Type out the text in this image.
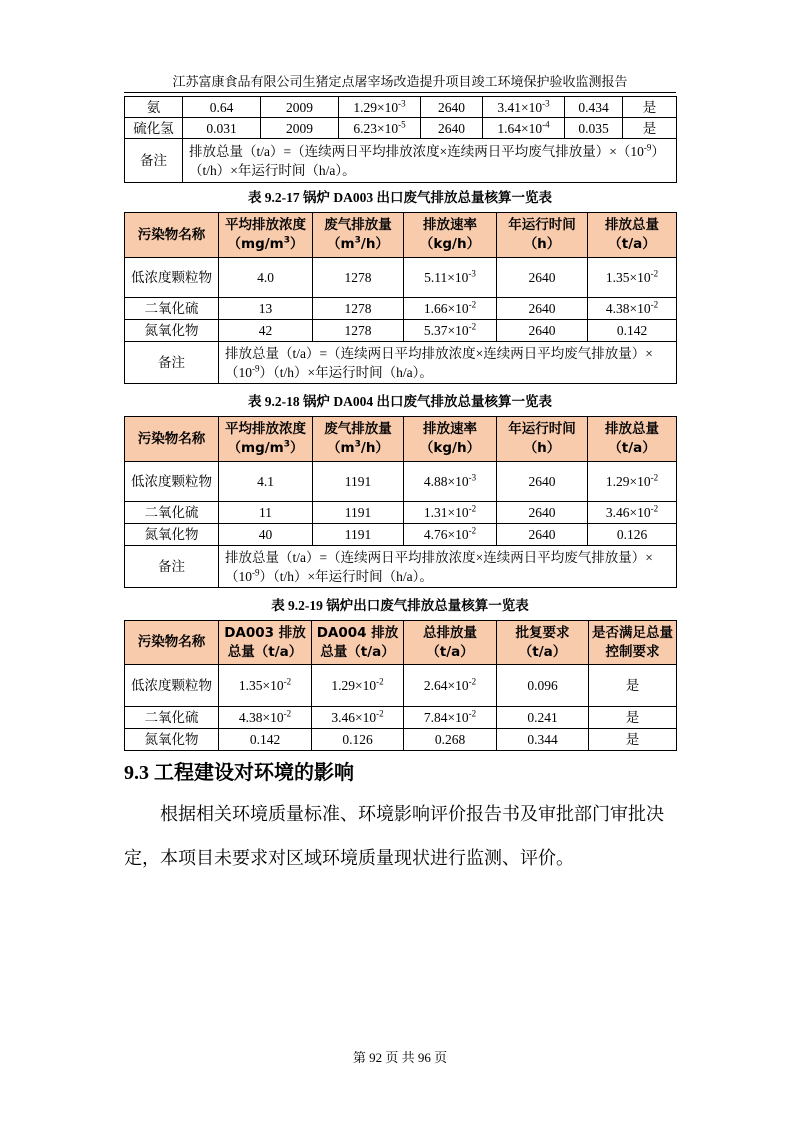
江苏富康食品有限公司生猪定点屠宰场改造提升项目竣工环境保护验收监测报告
氨	0.64	2009	$1.29\times 10^{-3}$	2640	$3.41\times 10^{-3}$	0.434	是
硫化氢	0.031	2009	$6.23\times 10^{-5}$	2640	$1.64\times 10^{-4}$	0.035	是
备注	排放总量（t/a）=（连续两日平均排放浓度×连续两日平均废气排放量）$\times(10^{-9})(t/h)\times$年运行时间（h/a）。						
表 9.2-17 锅炉 DA003 出口废气排放总量核算一览表
污染物名称	平均排放浓度$(mg/m^3)$	废气排放量$(m^3/h)$	排放速率（kg/h）	年运行时间（h）	排放总量（t/a）
低浓度颗粒物	4.0	1278	$5.11\times 10^{-3}$	2640	$1.35\times 10^{-2}$
二氧化硫	13	1278	$1.66\times 10^{-2}$	2640	$4.38\times 10^{-2}$
氮氧化物	42	1278	$5.37\times 10^{-2}$	2640	0.142
备注	排放总量（t/a）=（连续两日平均排放浓度×连续两日平均废气排放量）$\times(10^{-9})(t/h)\times$年运行时间（h/a）。				
表 9.2-18 锅炉 DA004 出口废气排放总量核算一览表
污染物名称	平均排放浓度$(mg/m^3)$	废气排放量$(m^3/h)$	排放速率（kg/h）	年运行时间（h）	排放总量（t/a）
低浓度颗粒物	4.1	1191	$4.88\times 10^{-3}$	2640	$1.29\times 10^{-2}$
二氧化硫	11	1191	$1.31\times 10^{-2}$	2640	$3.46\times 10^{-2}$
氮氧化物	40	1191	$4.76\times 10^{-2}$	2640	0.126
备注	排放总量（t/a）=（连续两日平均排放浓度×连续两日平均废气排放量）$\times(10^{-9})(t/h)\times$年运行时间（h/a）。				
表 9.2-19 锅炉出口废气排放总量核算一览表
污染物名称	DA003 排放总量（t/a）	DA004 排放总量（t/a）	总排放量（t/a）	批复要求（t/a）	是否满足总量控制要求
低浓度颗粒物	$1.35\times 10^{-2}$	$1.29\times 10^{-2}$	$2.64\times 10^{-2}$	0.096	是
二氧化硫	$4.38\times 10^{-2}$	$3.46\times 10^{-2}$	$7.84\times 10^{-2}$	0.241	是
氮氧化物	0.142	0.126	0.268	0.344	是
9.3 工程建设对环境的影响
根据相关环境质量标准、环境影响评价报告书及审批部门审批决
定，本项目未要求对区域环境质量现状进行监测、评价。
第 92 页 共 96 页
